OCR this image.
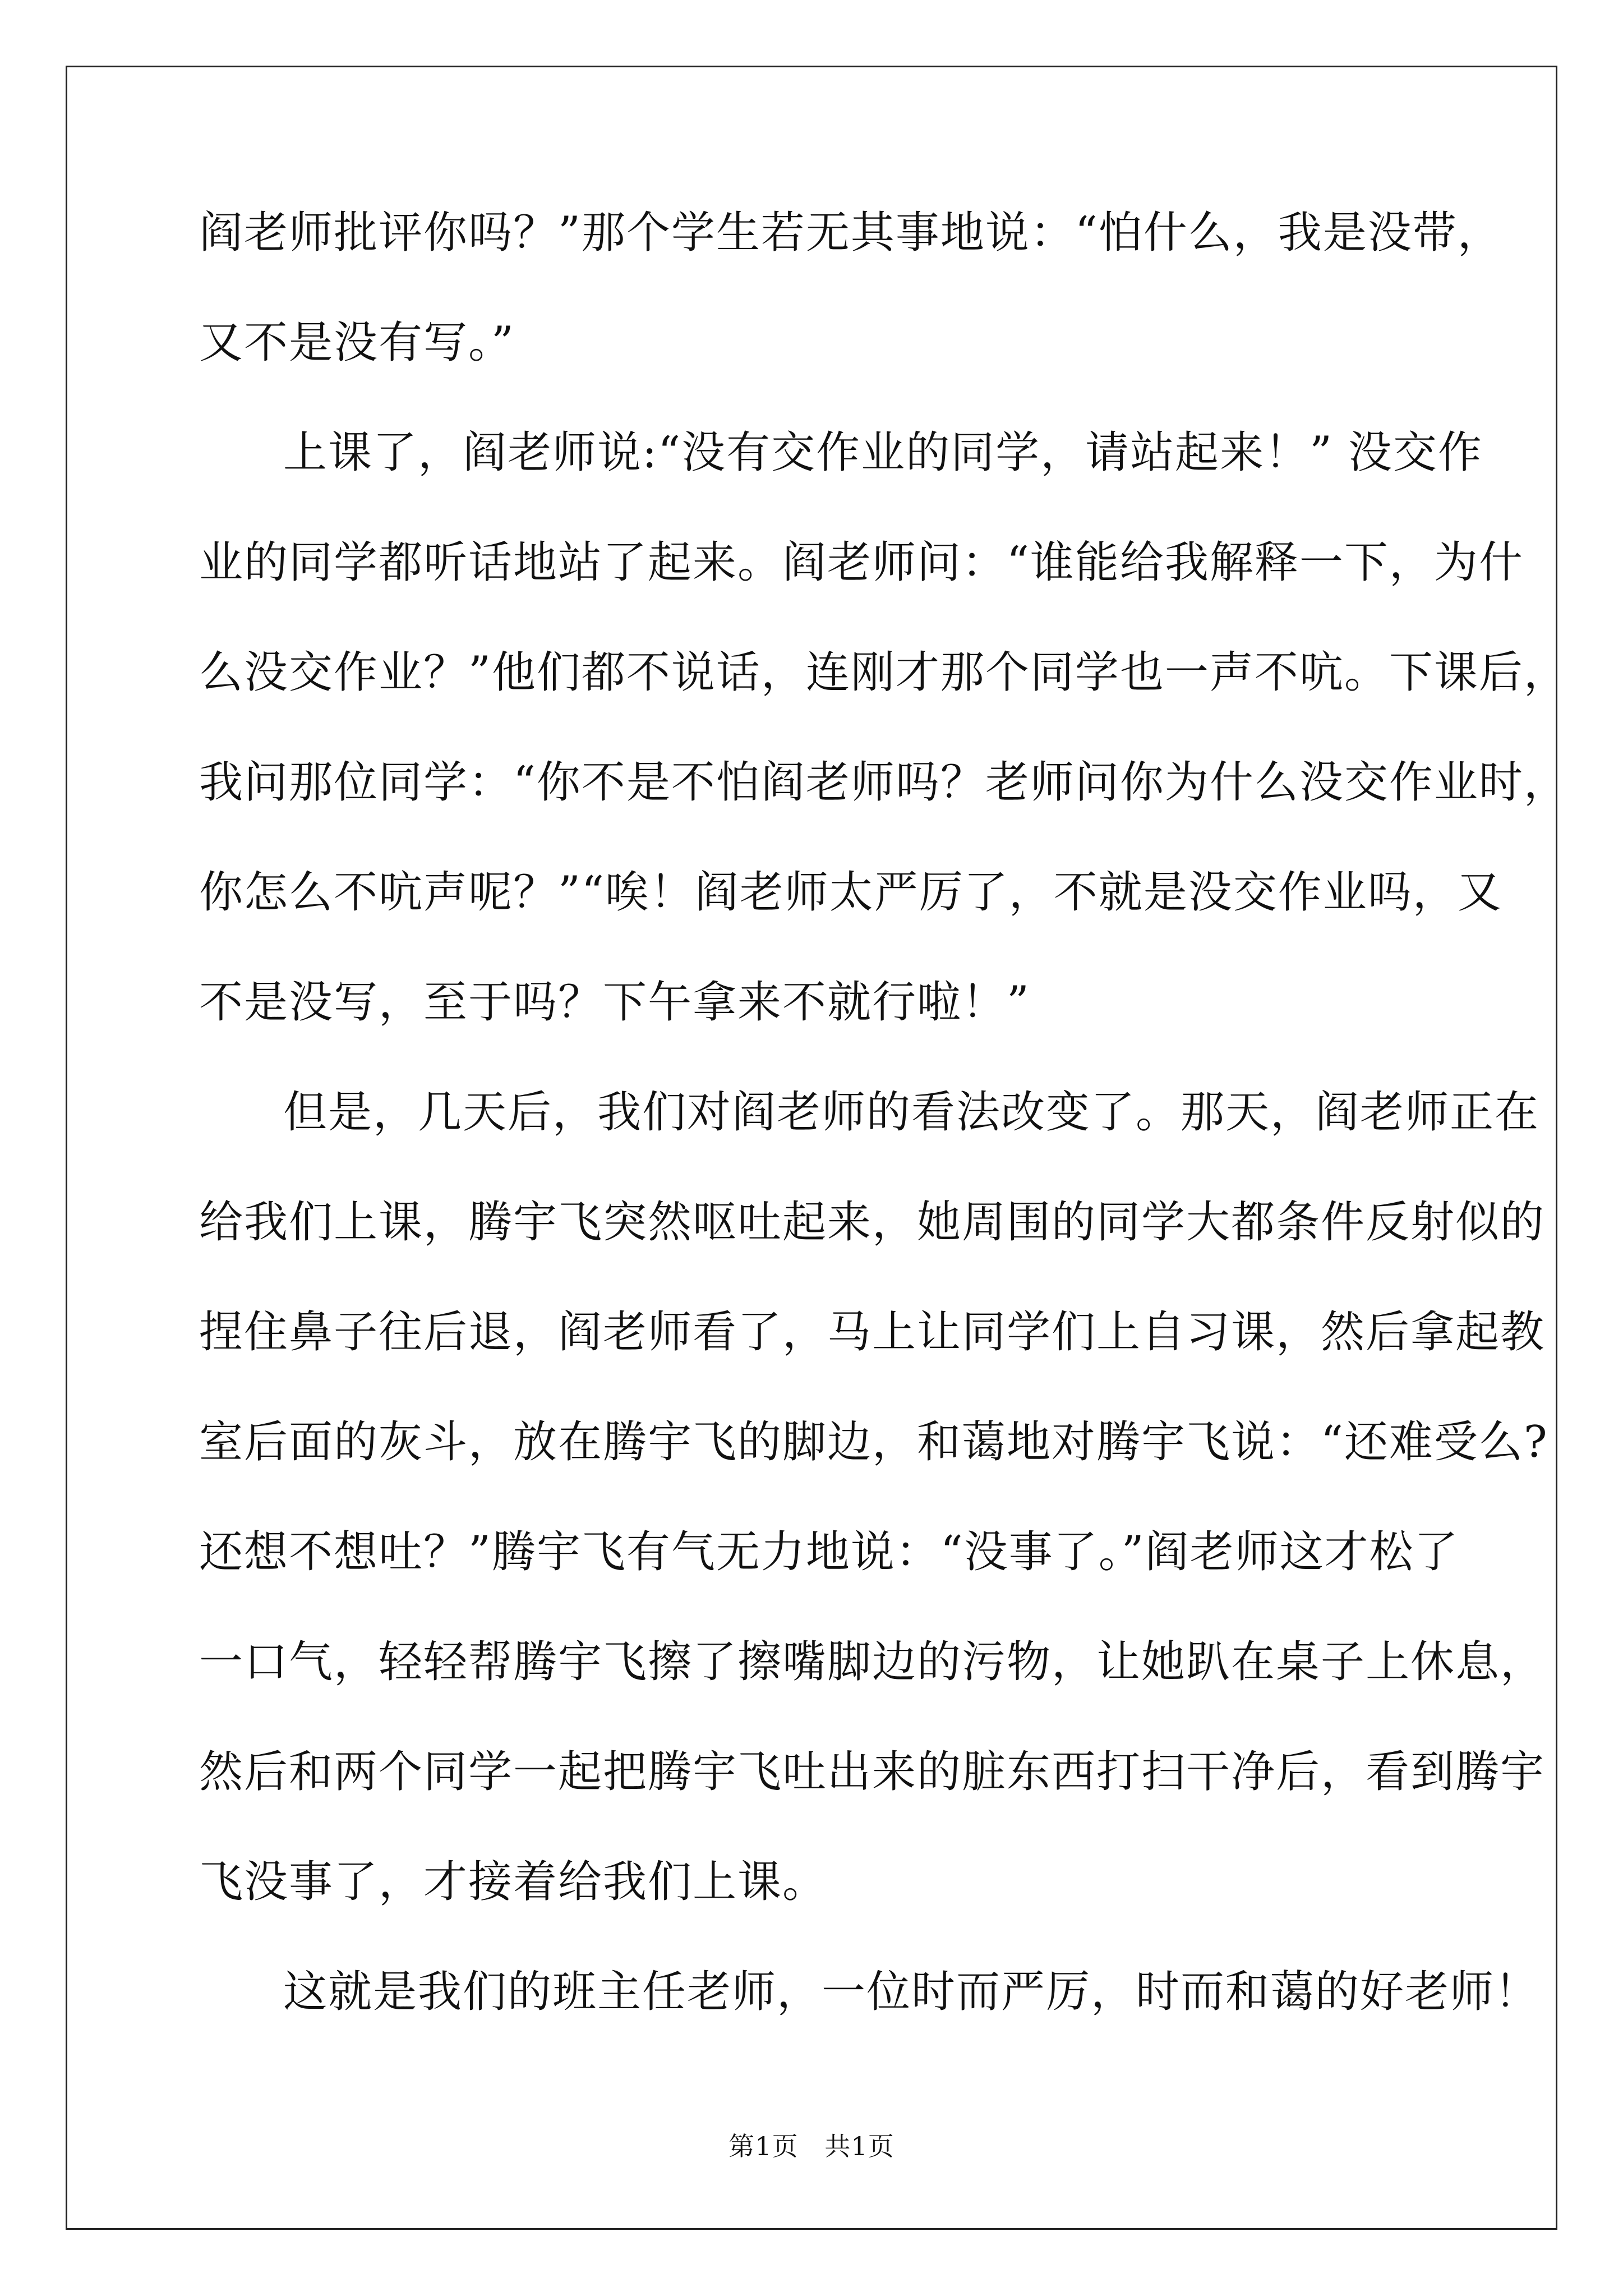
阎老师批评你吗？”那个学生若无其事地说：“怕什么，我是没带，
又不是没有写。”
上课了，阎老师说:“没有交作业的同学，请站起来！” 没交作
业的同学都听话地站了起来。阎老师问：“谁能给我解释一下，为什
么没交作业？”他们都不说话，连刚才那个同学也一声不吭。下课后，
我问那位同学：“你不是不怕阎老师吗？老师问你为什么没交作业时，
你怎么不吭声呢？”“唉！阎老师太严厉了，不就是没交作业吗，又
不是没写，至于吗？下午拿来不就行啦！”
但是，几天后，我们对阎老师的看法改变了。那天，阎老师正在
给我们上课，腾宇飞突然呕吐起来，她周围的同学大都条件反射似的
捏住鼻子往后退，阎老师看了，马上让同学们上自习课，然后拿起教
室后面的灰斗，放在腾宇飞的脚边，和蔼地对腾宇飞说：“还难受么?
还想不想吐？”腾宇飞有气无力地说：“没事了。”阎老师这才松了
一口气，轻轻帮腾宇飞擦了擦嘴脚边的污物，让她趴在桌子上休息，
然后和两个同学一起把腾宇飞吐出来的脏东西打扫干净后，看到腾宇
飞没事了，才接着给我们上课。
这就是我们的班主任老师，一位时而严厉，时而和蔼的好老师！
第1页   共1页
